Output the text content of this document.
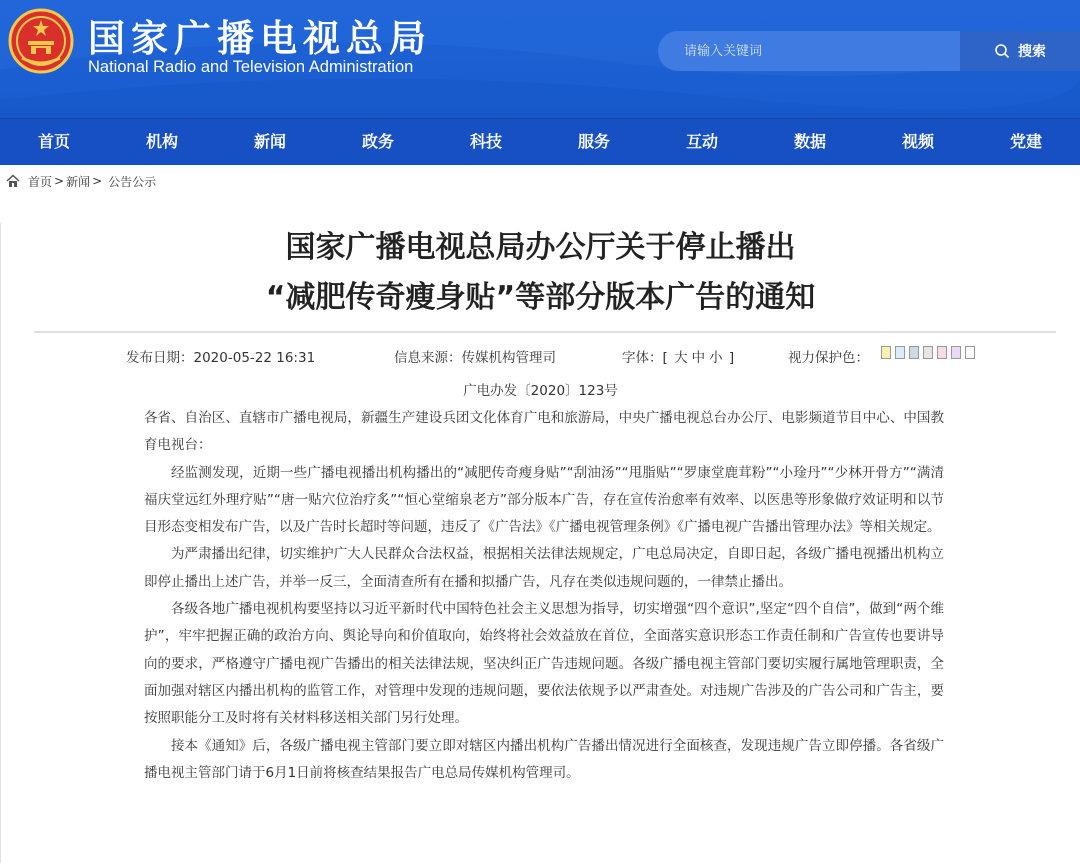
国家广播电视总局
National Radio and Television Administration
请输入关键词
搜索
首页	机构	新闻	政务	科技	服务	互动	数据	视频	党建
首页 > 新闻 > 公告公示
国家广播电视总局办公厅关于停止播出
“减肥传奇瘦身贴”等部分版本广告的通知
发布日期：2020-05-22 16:31	信息来源：传媒机构管理司	字体：[ 大 中 小 ]	视力保护色：
广电办发〔2020〕123号

各省、自治区、直辖市广播电视局，新疆生产建设兵团文化体育广电和旅游局，中央广播电视总台办公厅、电影频道节目中心、中国教育电视台：

经监测发现，近期一些广播电视播出机构播出的“减肥传奇瘦身贴”“刮油汤”“甩脂贴”“罗康堂鹿茸粉”“小琻丹”“少林开骨方”“满清福庆堂远红外理疗贴”“唐一贴穴位治疗炙”“恒心堂缩泉老方”部分版本广告，存在宣传治愈率有效率、以医患等形象做疗效证明和以节目形态变相发布广告，以及广告时长超时等问题，违反了《广告法》《广播电视管理条例》《广播电视广告播出管理办法》等相关规定。

为严肃播出纪律，切实维护广大人民群众合法权益，根据相关法律法规规定，广电总局决定，自即日起，各级广播电视播出机构立即停止播出上述广告，并举一反三，全面清查所有在播和拟播广告，凡存在类似违规问题的，一律禁止播出。

各级各地广播电视机构要坚持以习近平新时代中国特色社会主义思想为指导，切实增强“四个意识”,坚定“四个自信”，做到“两个维护”，牢牢把握正确的政治方向、舆论导向和价值取向，始终将社会效益放在首位，全面落实意识形态工作责任制和广告宣传也要讲导向的要求，严格遵守广播电视广告播出的相关法律法规，坚决纠正广告违规问题。各级广播电视主管部门要切实履行属地管理职责，全面加强对辖区内播出机构的监管工作，对管理中发现的违规问题，要依法依规予以严肃查处。对违规广告涉及的广告公司和广告主，要按照职能分工及时将有关材料移送相关部门另行处理。

接本《通知》后，各级广播电视主管部门要立即对辖区内播出机构广告播出情况进行全面核查，发现违规广告立即停播。各省级广播电视主管部门请于6月1日前将核查结果报告广电总局传媒机构管理司。
